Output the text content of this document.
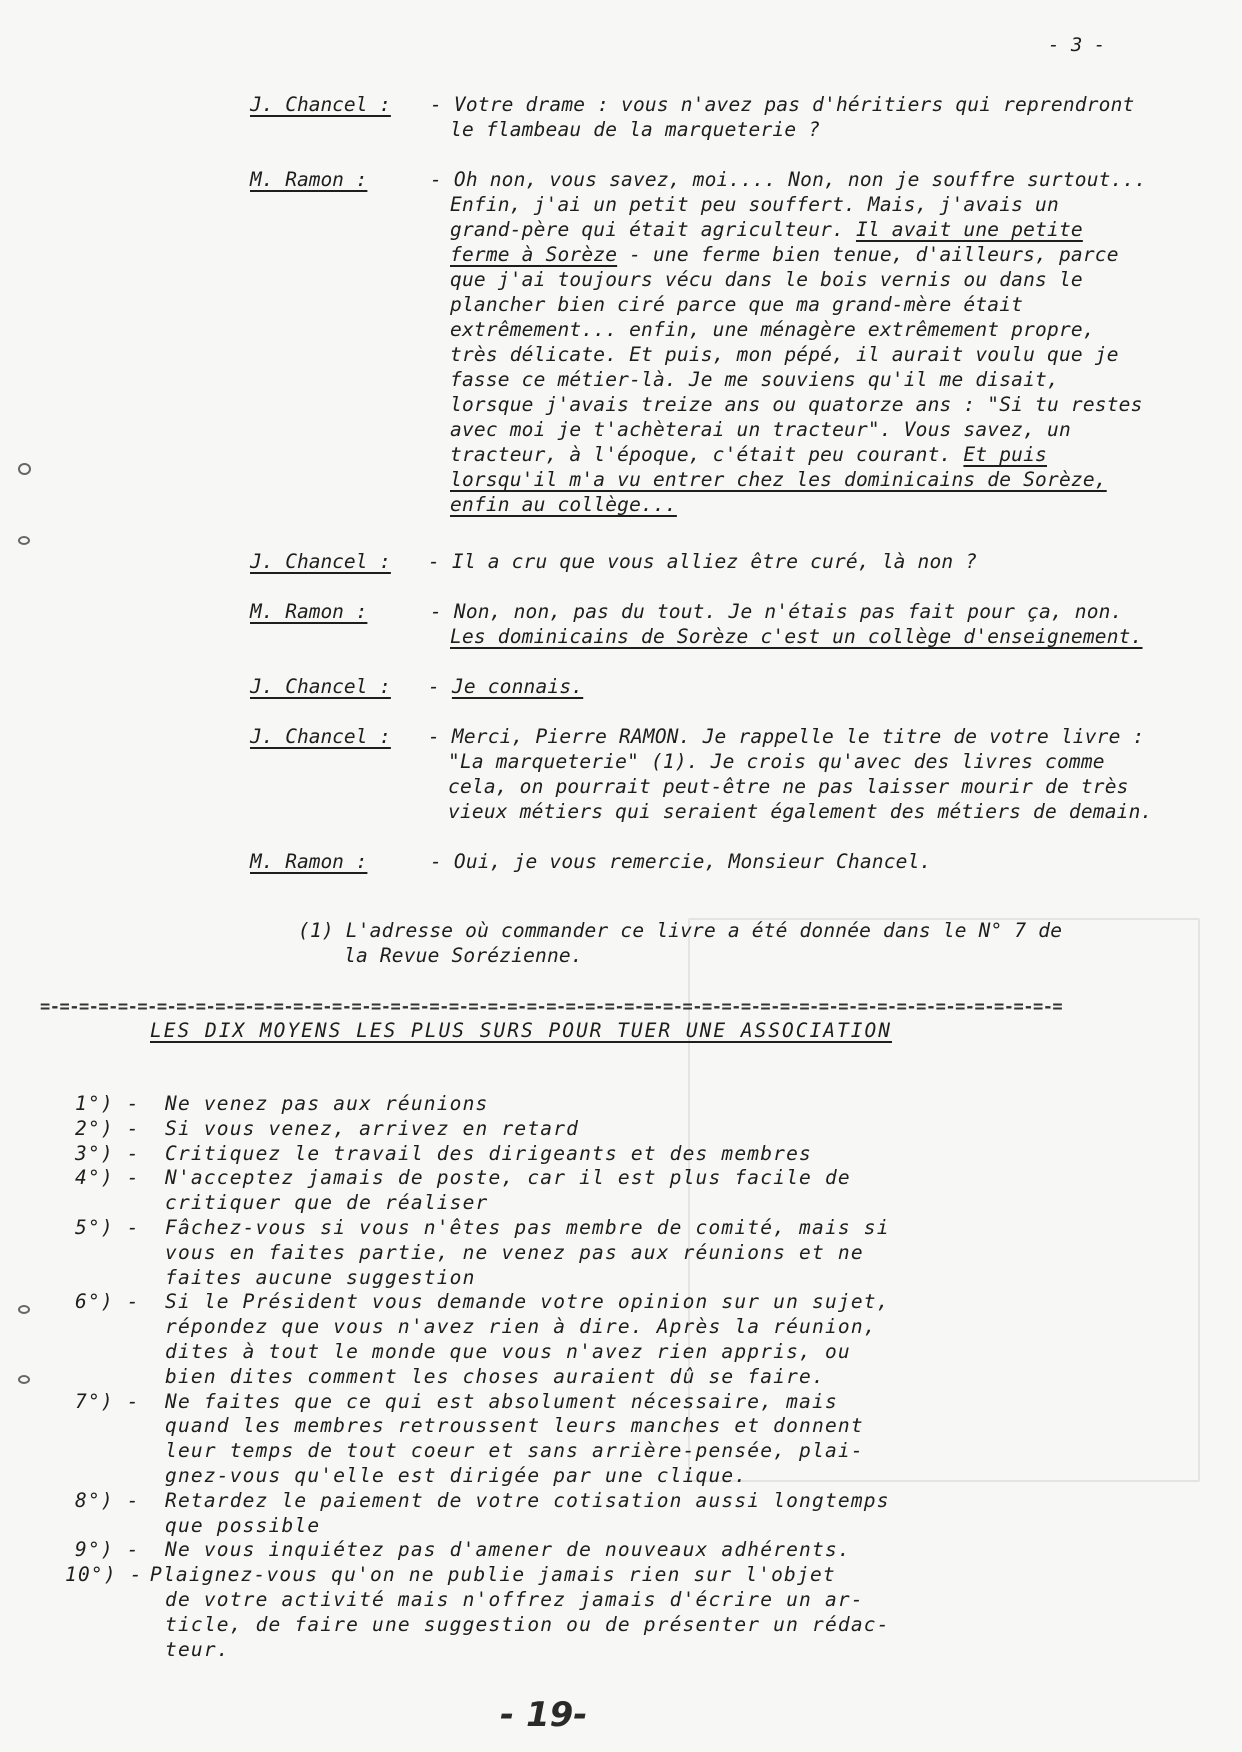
- 3 -
J. Chancel : - Votre drame : vous n'avez pas d'héritiers qui reprendront
le flambeau de la marqueterie ?
M. Ramon :	- Oh non, vous savez, moi.... Non, non je souffre surtout...
Enfin, j'ai un petit peu souffert. Mais, j'avais un
grand-père qui était agriculteur. Il avait une petite
ferme à Sorèze - une ferme bien tenue, d'ailleurs, parce
que j'ai toujours vécu dans le bois vernis ou dans le
plancher bien ciré parce que ma grand-mère était
extrêmement... enfin, une ménagère extrêmement propre,
très délicate. Et puis, mon pépé, il aurait voulu que je
fasse ce métier-là. Je me souviens qu'il me disait,
lorsque j'avais treize ans ou quatorze ans : "Si tu restes
avec moi je t'achèterai un tracteur". Vous savez, un
tracteur, à l'époque, c'était peu courant. Et puis
lorsqu'il m'a vu entrer chez les dominicains de Sorèze,
enfin au collège...
J. Chancel : - Il a cru que vous alliez être curé, là non ?
M. Ramon :	- Non, non, pas du tout. Je n'étais pas fait pour ça, non.
Les dominicains de Sorèze c'est un collège d'enseignement.
J. Chancel : - Je connais.
J. Chancel : - Merci, Pierre RAMON. Je rappelle le titre de votre livre :
"La marqueterie" (1). Je crois qu'avec des livres comme
cela, on pourrait peut-être ne pas laisser mourir de très
vieux métiers qui seraient également des métiers de demain.
M. Ramon :	- Oui, je vous remercie, Monsieur Chancel.
(1) L'adresse où commander ce livre a été donnée dans le N° 7 de
la Revue Sorézienne.
=-=-=-=-=-=-=-=-=-=-=-=-=-=-=-=-=-=-=-=-=-=-=-=-=-=-=-=-=-=-=-=-=-=-=-=-=-=-=-=-=-=-=-=-=-=-=-=-=-=-=-=-=
LES DIX MOYENS LES PLUS SURS POUR TUER UNE ASSOCIATION
1°) - Ne venez pas aux réunions
2°) - Si vous venez, arrivez en retard
3°) - Critiquez le travail des dirigeants et des membres
4°) - N'acceptez jamais de poste, car il est plus facile de
critiquer que de réaliser
5°) - Fâchez-vous si vous n'êtes pas membre de comité, mais si
vous en faites partie, ne venez pas aux réunions et ne
faites aucune suggestion
6°) - Si le Président vous demande votre opinion sur un sujet,
répondez que vous n'avez rien à dire. Après la réunion,
dites à tout le monde que vous n'avez rien appris, ou
bien dites comment les choses auraient dû se faire.
7°) - Ne faites que ce qui est absolument nécessaire, mais
quand les membres retroussent leurs manches et donnent
leur temps de tout coeur et sans arrière-pensée, plai-
gnez-vous qu'elle est dirigée par une clique.
8°) - Retardez le paiement de votre cotisation aussi longtemps
que possible
9°) - Ne vous inquiétez pas d'amener de nouveaux adhérents.
10°) - Plaignez-vous qu'on ne publie jamais rien sur l'objet
de votre activité mais n'offrez jamais d'écrire un ar-
ticle, de faire une suggestion ou de présenter un rédac-
teur.
- 19-
